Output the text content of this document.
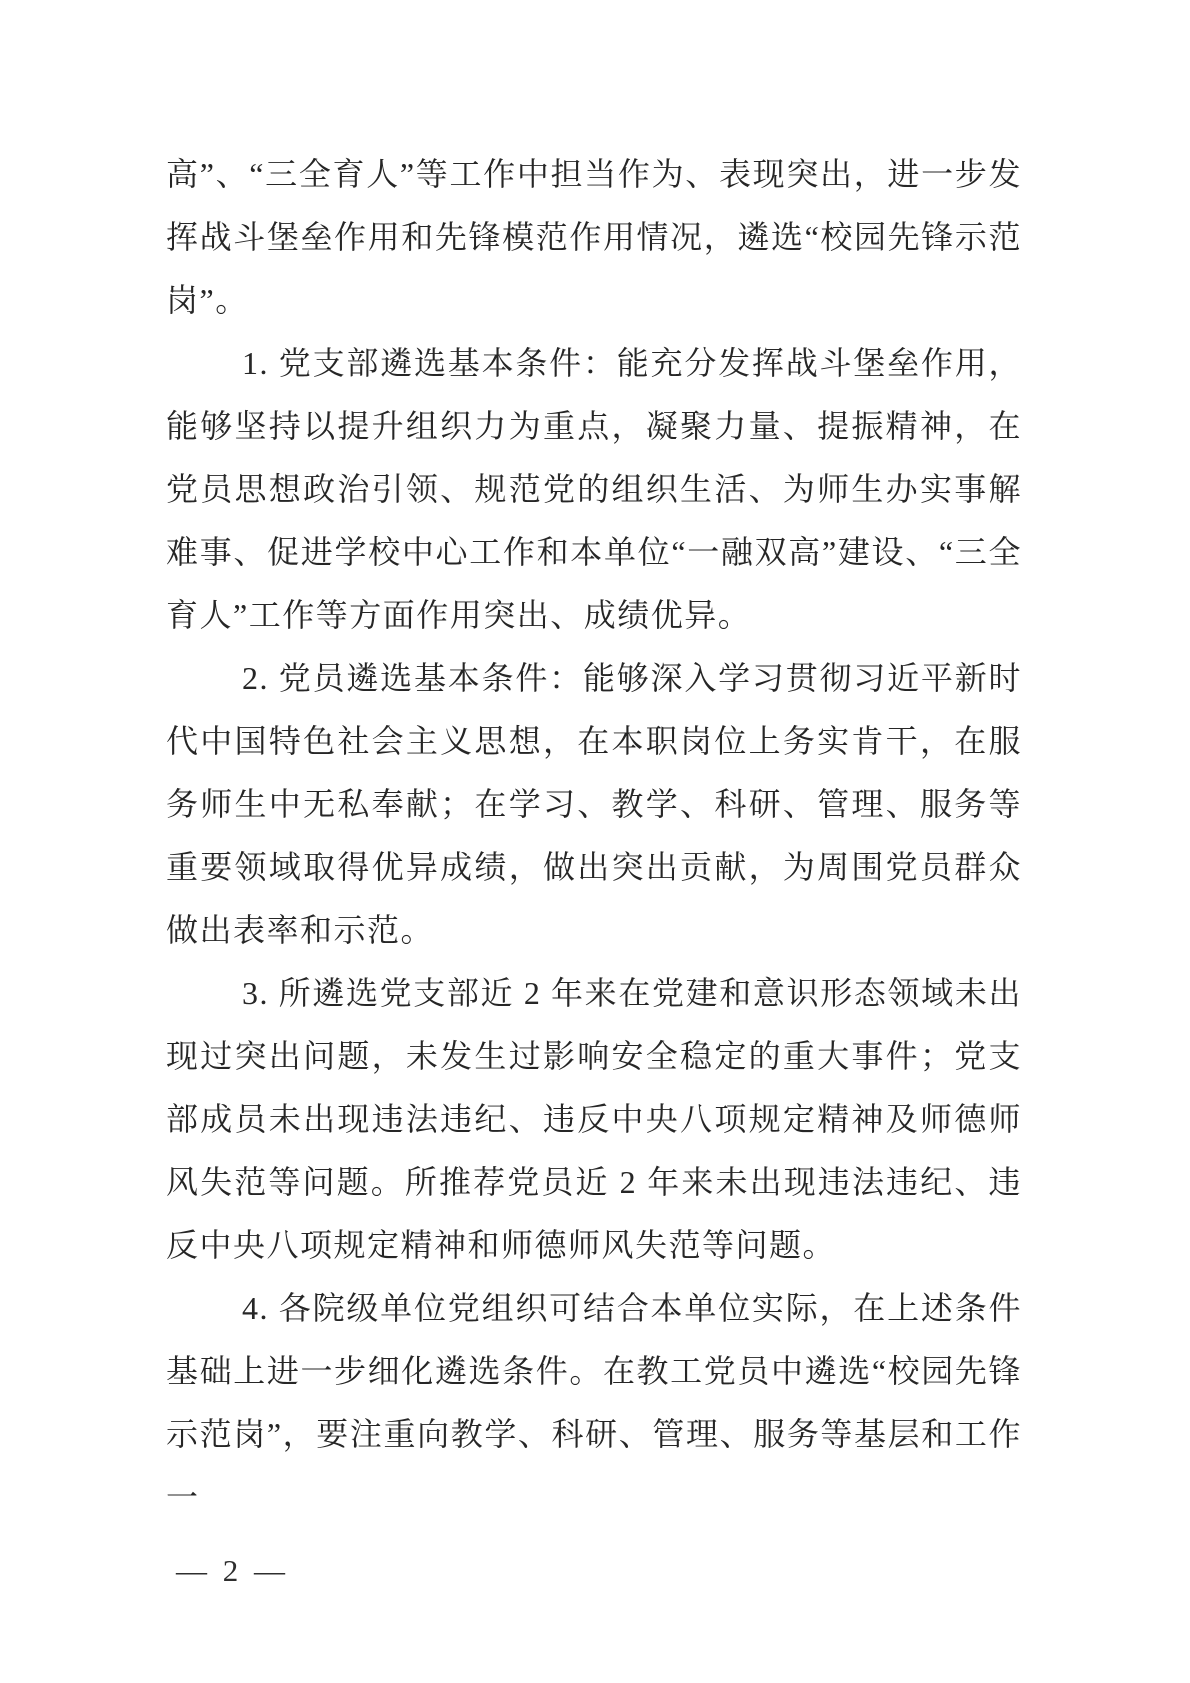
高”、“三全育人”等工作中担当作为、表现突出，进一步发挥战斗堡垒作用和先锋模范作用情况，遴选“校园先锋示范岗”。

1. 党支部遴选基本条件：能充分发挥战斗堡垒作用，能够坚持以提升组织力为重点，凝聚力量、提振精神，在党员思想政治引领、规范党的组织生活、为师生办实事解难事、促进学校中心工作和本单位“一融双高”建设、“三全育人”工作等方面作用突出、成绩优异。

2. 党员遴选基本条件：能够深入学习贯彻习近平新时代中国特色社会主义思想，在本职岗位上务实肯干，在服务师生中无私奉献；在学习、教学、科研、管理、服务等重要领域取得优异成绩，做出突出贡献，为周围党员群众做出表率和示范。

3. 所遴选党支部近 2 年来在党建和意识形态领域未出现过突出问题，未发生过影响安全稳定的重大事件；党支部成员未出现违法违纪、违反中央八项规定精神及师德师风失范等问题。所推荐党员近 2 年来未出现违法违纪、违反中央八项规定精神和师德师风失范等问题。

4. 各院级单位党组织可结合本单位实际，在上述条件基础上进一步细化遴选条件。在教工党员中遴选“校园先锋示范岗”，要注重向教学、科研、管理、服务等基层和工作一

— 2 —
